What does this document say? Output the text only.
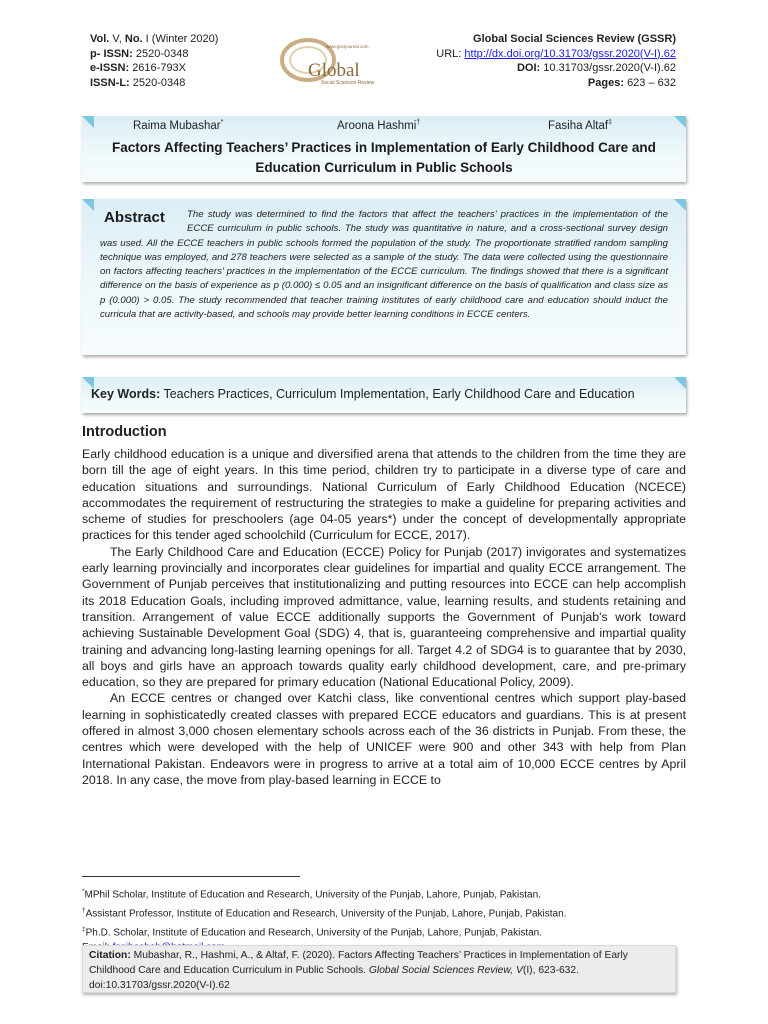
Vol. V, No. I (Winter 2020)
p- ISSN: 2520-0348
e-ISSN: 2616-793X
ISSN-L: 2520-0348
www.gssrjournal.com
Global
Social Sciences Review
Global Social Sciences Review (GSSR)
URL: http://dx.doi.org/10.31703/gssr.2020(V-I).62
DOI: 10.31703/gssr.2020(V-I).62
Pages: 623 – 632
Raima Mubashar*	Aroona Hashmi†	Fasiha Altaf‡
Factors Affecting Teachers’ Practices in Implementation of Early Childhood Care and Education Curriculum in Public Schools
Abstract	The study was determined to find the factors that affect the teachers’ practices in the implementation of the ECCE curriculum in public schools. The study was quantitative in nature, and a cross-sectional survey design was used. All the ECCE teachers in public schools formed the population of the study. The proportionate stratified random sampling technique was employed, and 278 teachers were selected as a sample of the study. The data were collected using the questionnaire on factors affecting teachers’ practices in the implementation of the ECCE curriculum. The findings showed that there is a significant difference on the basis of experience as p (0.000) ≤ 0.05 and an insignificant difference on the basis of qualification and class size as p (0.000) > 0.05. The study recommended that teacher training institutes of early childhood care and education should induct the curricula that are activity-based, and schools may provide better learning conditions in ECCE centers.
Key Words: Teachers Practices, Curriculum Implementation, Early Childhood Care and Education
Introduction

Early childhood education is a unique and diversified arena that attends to the children from the time they are born till the age of eight years. In this time period, children try to participate in a diverse type of care and education situations and surroundings. National Curriculum of Early Childhood Education (NCECE) accommodates the requirement of restructuring the strategies to make a guideline for preparing activities and scheme of studies for preschoolers (age 04-05 years*) under the concept of developmentally appropriate practices for this tender aged schoolchild (Curriculum for ECCE, 2017).

The Early Childhood Care and Education (ECCE) Policy for Punjab (2017) invigorates and systematizes early learning provincially and incorporates clear guidelines for impartial and quality ECCE arrangement. The Government of Punjab perceives that institutionalizing and putting resources into ECCE can help accomplish its 2018 Education Goals, including improved admittance, value, learning results, and students retaining and transition. Arrangement of value ECCE additionally supports the Government of Punjab's work toward achieving Sustainable Development Goal (SDG) 4, that is, guaranteeing comprehensive and impartial quality training and advancing long-lasting learning openings for all. Target 4.2 of SDG4 is to guarantee that by 2030, all boys and girls have an approach towards quality early childhood development, care, and pre-primary education, so they are prepared for primary education (National Educational Policy, 2009).

An ECCE centres or changed over Katchi class, like conventional centres which support play-based learning in sophisticatedly created classes with prepared ECCE educators and guardians. This is at present offered in almost 3,000 chosen elementary schools across each of the 36 districts in Punjab. From these, the centres which were developed with the help of UNICEF were 900 and other 343 with help from Plan International Pakistan. Endeavors were in progress to arrive at a total aim of 10,000 ECCE centres by April 2018. In any case, the move from play-based learning in ECCE to

*MPhil Scholar, Institute of Education and Research, University of the Punjab, Lahore, Punjab, Pakistan.
†Assistant Professor, Institute of Education and Research, University of the Punjab, Lahore, Punjab, Pakistan.
‡Ph.D. Scholar, Institute of Education and Research, University of the Punjab, Lahore, Punjab, Pakistan.
Citation: Mubashar, R., Hashmi, A., & Altaf, F. (2020). Factors Affecting Teachers’ Practices in Implementation of Early Childhood Care and Education Curriculum in Public Schools. Global Social Sciences Review, V(I), 623-632. doi:10.31703/gssr.2020(V-I).62
